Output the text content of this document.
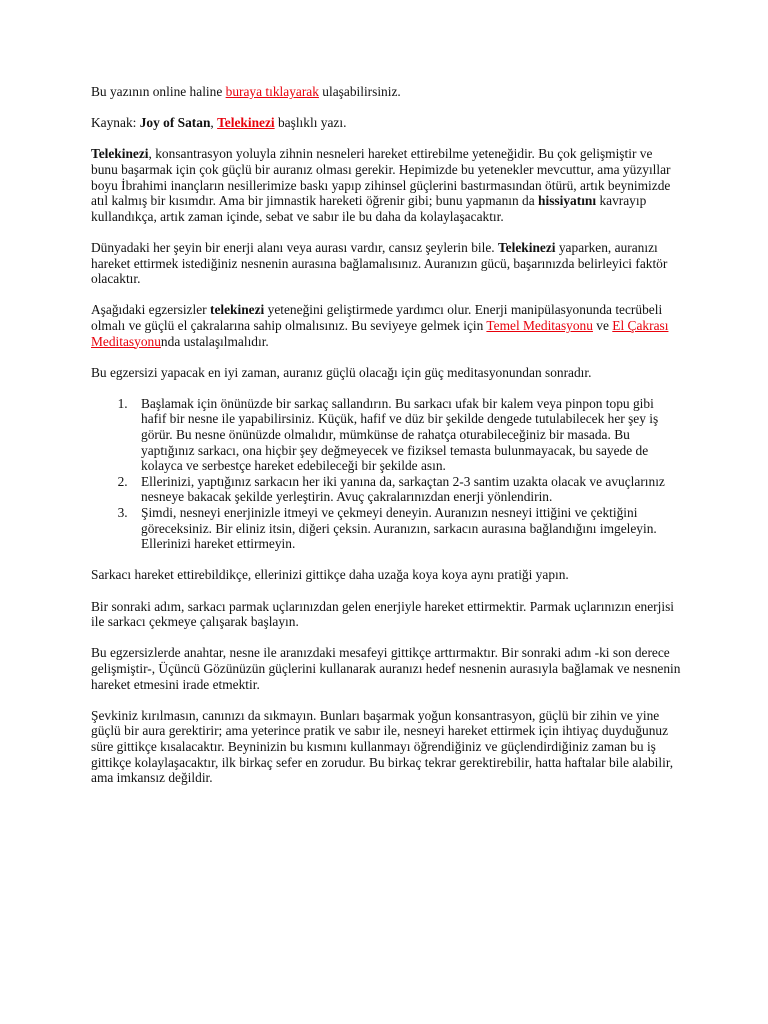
Bu yazının online haline buraya tıklayarak ulaşabilirsiniz.

Kaynak: Joy of Satan, Telekinezi başlıklı yazı.

Telekinezi, konsantrasyon yoluyla zihnin nesneleri hareket ettirebilme yeteneğidir. Bu çok gelişmiştir ve bunu başarmak için çok güçlü bir auranız olması gerekir. Hepimizde bu yetenekler mevcuttur, ama yüzyıllar boyu İbrahimi inançların nesillerimize baskı yapıp zihinsel güçlerini bastırmasından ötürü, artık beynimizde atıl kalmış bir kısımdır. Ama bir jimnastik hareketi öğrenir gibi; bunu yapmanın da hissiyatını kavrayıp kullandıkça, artık zaman içinde, sebat ve sabır ile bu daha da kolaylaşacaktır.

Dünyadaki her şeyin bir enerji alanı veya aurası vardır, cansız şeylerin bile. Telekinezi yaparken, auranızı hareket ettirmek istediğiniz nesnenin aurasına bağlamalısınız. Auranızın gücü, başarınızda belirleyici faktör olacaktır.

Aşağıdaki egzersizler telekinezi yeteneğini geliştirmede yardımcı olur. Enerji manipülasyonunda tecrübeli olmalı ve güçlü el çakralarına sahip olmalısınız. Bu seviyeye gelmek için Temel Meditasyonu ve El Çakrası Meditasyonunda ustalaşılmalıdır.

Bu egzersizi yapacak en iyi zaman, auranız güçlü olacağı için güç meditasyonundan sonradır.

1. Başlamak için önünüzde bir sarkaç sallandırın. Bu sarkacı ufak bir kalem veya pinpon topu gibi hafif bir nesne ile yapabilirsiniz. Küçük, hafif ve düz bir şekilde dengede tutulabilecek her şey iş görür. Bu nesne önünüzde olmalıdır, mümkünse de rahatça oturabileceğiniz bir masada. Bu yaptığınız sarkacı, ona hiçbir şey değmeyecek ve fiziksel temasta bulunmayacak, bu sayede de kolayca ve serbestçe hareket edebileceği bir şekilde asın.
2. Ellerinizi, yaptığınız sarkacın her iki yanına da, sarkaçtan 2-3 santim uzakta olacak ve avuçlarınız nesneye bakacak şekilde yerleştirin. Avuç çakralarınızdan enerji yönlendirin.
3. Şimdi, nesneyi enerjinizle itmeyi ve çekmeyi deneyin. Auranızın nesneyi ittiğini ve çektiğini göreceksiniz. Bir eliniz itsin, diğeri çeksin. Auranızın, sarkacın aurasına bağlandığını imgeleyin. Ellerinizi hareket ettirmeyin.

Sarkacı hareket ettirebildikçe, ellerinizi gittikçe daha uzağa koya koya aynı pratiği yapın.

Bir sonraki adım, sarkacı parmak uçlarınızdan gelen enerjiyle hareket ettirmektir. Parmak uçlarınızın enerjisi ile sarkacı çekmeye çalışarak başlayın.

Bu egzersizlerde anahtar, nesne ile aranızdaki mesafeyi gittikçe arttırmaktır. Bir sonraki adım -ki son derece gelişmiştir-, Üçüncü Gözünüzün güçlerini kullanarak auranızı hedef nesnenin aurasıyla bağlamak ve nesnenin hareket etmesini irade etmektir.

Şevkiniz kırılmasın, canınızı da sıkmayın. Bunları başarmak yoğun konsantrasyon, güçlü bir zihin ve yine güçlü bir aura gerektirir; ama yeterince pratik ve sabır ile, nesneyi hareket ettirmek için ihtiyaç duyduğunuz süre gittikçe kısalacaktır. Beyninizin bu kısmını kullanmayı öğrendiğiniz ve güçlendirdiğiniz zaman bu iş gittikçe kolaylaşacaktır, ilk birkaç sefer en zorudur. Bu birkaç tekrar gerektirebilir, hatta haftalar bile alabilir, ama imkansız değildir.
